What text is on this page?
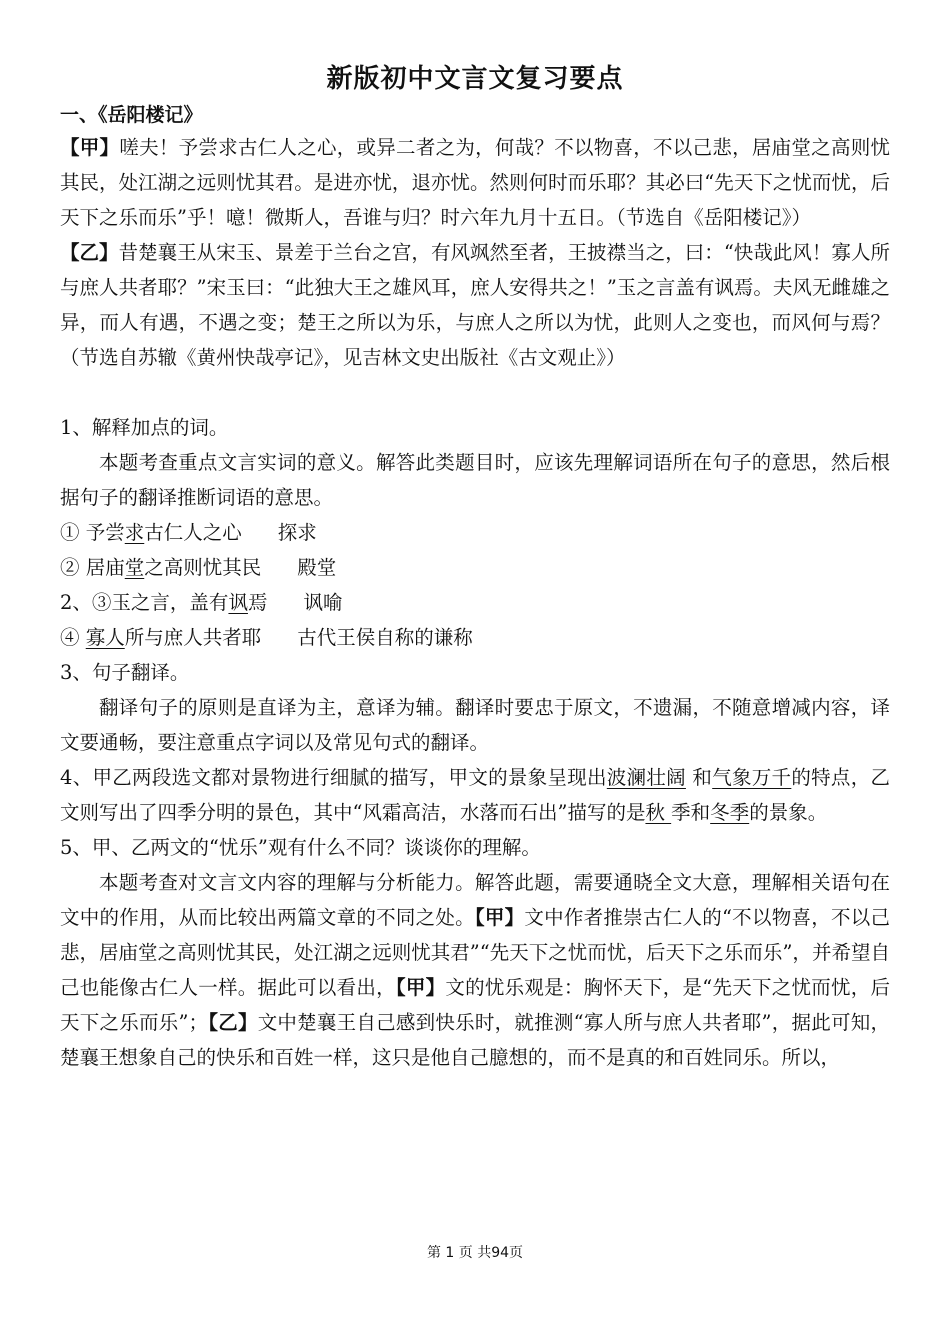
新版初中文言文复习要点
一、《岳阳楼记》

【甲】嗟夫！予尝求古仁人之心，或异二者之为，何哉？不以物喜，不以己悲，居庙堂之高则忧其民，处江湖之远则忧其君。是进亦忧，退亦忧。然则何时而乐耶？其必曰“先天下之忧而忧，后天下之乐而乐”乎！噫！微斯人，吾谁与归？时六年九月十五日。（节选自《岳阳楼记》）

【乙】昔楚襄王从宋玉、景差于兰台之宫，有风飒然至者，王披襟当之，曰：“快哉此风！寡人所与庶人共者耶？”宋玉曰：“此独大王之雄风耳，庶人安得共之！”玉之言盖有讽焉。夫风无雌雄之异，而人有遇，不遇之变；楚王之所以为乐，与庶人之所以为忧，此则人之变也，而风何与焉？（节选自苏辙《黄州快哉亭记》，见吉林文史出版社《古文观止》）

1、解释加点的词。

本题考查重点文言实词的意义。解答此类题目时，应该先理解词语所在句子的意思，然后根据句子的翻译推断词语的意思。

① 予尝求古仁人之心 探求

② 居庙堂之高则忧其民 殿堂

2、③玉之言，盖有讽焉 讽喻

④ 寡人所与庶人共者耶 古代王侯自称的谦称

3、句子翻译。

翻译句子的原则是直译为主，意译为辅。翻译时要忠于原文，不遗漏，不随意增减内容，译文要通畅，要注意重点字词以及常见句式的翻译。

4、甲乙两段选文都对景物进行细腻的描写，甲文的景象呈现出波澜壮阔 和气象万千的特点，乙文则写出了四季分明的景色，其中“风霜高洁，水落而石出”描写的是秋 季和冬季的景象。

5、甲、乙两文的“忧乐”观有什么不同？谈谈你的理解。

本题考查对文言文内容的理解与分析能力。解答此题，需要通晓全文大意，理解相关语句在文中的作用，从而比较出两篇文章的不同之处。【甲】文中作者推崇古仁人的“不以物喜，不以己悲，居庙堂之高则忧其民，处江湖之远则忧其君”“先天下之忧而忧，后天下之乐而乐”，并希望自己也能像古仁人一样。据此可以看出，【甲】文的忧乐观是：胸怀天下，是“先天下之忧而忧，后天下之乐而乐”；【乙】文中楚襄王自己感到快乐时，就推测“寡人所与庶人共者耶”，据此可知，楚襄王想象自己的快乐和百姓一样，这只是他自己臆想的，而不是真的和百姓同乐。所以，

第 1 页 共94页
